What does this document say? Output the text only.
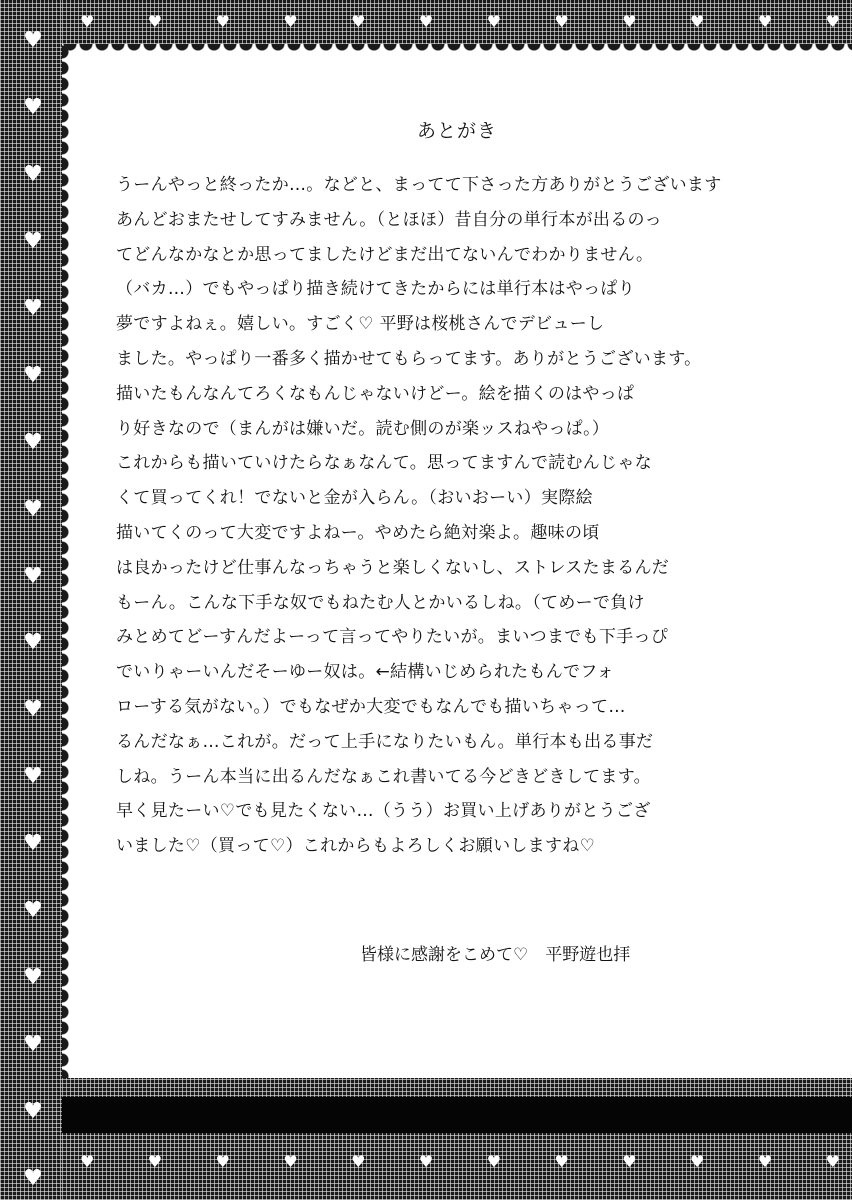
♥
♥
♥
♥
♥
♥
♥
♥
♥
♥
♥
♥
♥
♥
♥
♥
♥
♥
♥	♥	♥	♥	♥	♥	♥	♥	♥	♥	♥	♥
♥	♥	♥	♥	♥	♥	♥	♥	♥	♥	♥	♥
あとがき
うーんやっと終ったか…。などと、まってて下さった方ありがとうございます
あんどおまたせしてすみません。（とほほ）昔自分の単行本が出るのっ
てどんなかなとか思ってましたけどまだ出てないんでわかりません。
（バカ…）でもやっぱり描き続けてきたからには単行本はやっぱり
夢ですよねぇ。嬉しい。すごく♡ 平野は桜桃さんでデビューし
ました。やっぱり一番多く描かせてもらってます。ありがとうございます。
描いたもんなんてろくなもんじゃないけどー。絵を描くのはやっぱ
り好きなので（まんがは嫌いだ。読む側のが楽ッスねやっぱ。）
これからも描いていけたらなぁなんて。思ってますんで読むんじゃな
くて買ってくれ！でないと金が入らん。（おいおーい）実際絵
描いてくのって大変ですよねー。やめたら絶対楽よ。趣味の頃
は良かったけど仕事んなっちゃうと楽しくないし、ストレスたまるんだ
もーん。こんな下手な奴でもねたむ人とかいるしね。（てめーで負け
みとめてどーすんだよーって言ってやりたいが。まいつまでも下手っぴ
でいりゃーいんだそーゆー奴は。←結構いじめられたもんでフォ
ローする気がない。）でもなぜか大変でもなんでも描いちゃって…
るんだなぁ…これが。だって上手になりたいもん。単行本も出る事だ
しね。うーん本当に出るんだなぁこれ書いてる今どきどきしてます。
早く見たーい♡でも見たくない…（うう）お買い上げありがとうござ
いました♡（買って♡）これからもよろしくお願いしますね♡
皆様に感謝をこめて♡　平野遊也拝
